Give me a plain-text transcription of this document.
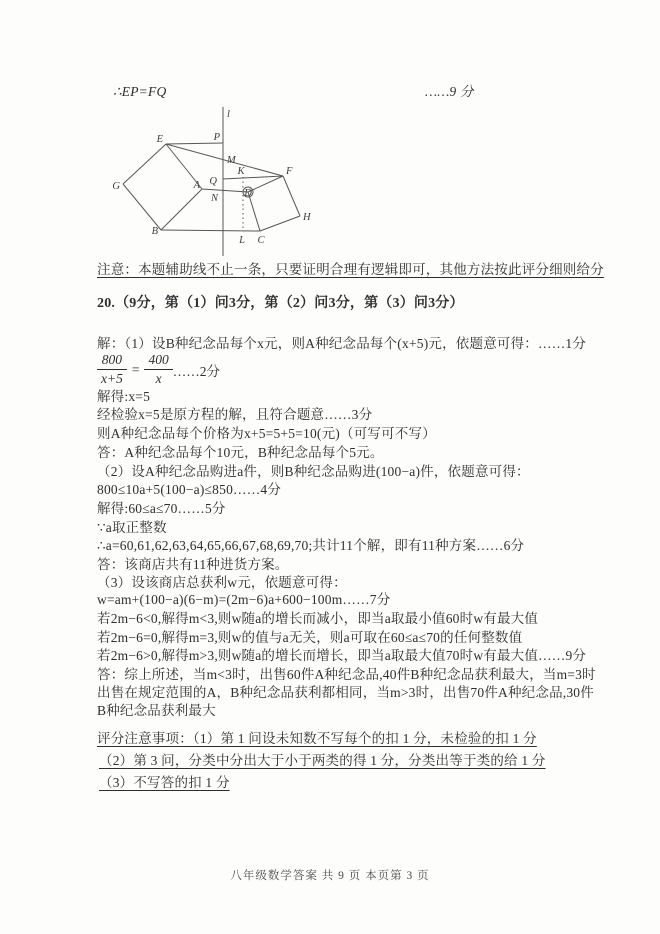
∴EP=FQ	……9 分
l
P
E
M
Q
K	F
A
N D
G
B
L C
H
注意：本题辅助线不止一条，只要证明合理有逻辑即可，其他方法按此评分细则给分
20.（9分，第（1）问3分，第（2）问3分，第（3）问3分）
解：（1）设B种纪念品每个x元，则A种纪念品每个(x+5)元，依题意可得：……1分
$\frac{800}{x+5} = \frac{400}{x}$ ……2分
解得:x=5
经检验x=5是原方程的解，且符合题意……3分
则A种纪念品每个价格为x+5=5+5=10(元)（可写可不写）
答：A种纪念品每个10元，B种纪念品每个5元。
（2）设A种纪念品购进a件，则B种纪念品购进(100−a)件，依题意可得：
800≤10a+5(100−a)≤850……4分
解得:60≤a≤70……5分
∵a取正整数
∴a=60,61,62,63,64,65,66,67,68,69,70;共计11个解，即有11种方案……6分
答：该商店共有11种进货方案。
（3）设该商店总获利w元，依题意可得：
w=am+(100−a)(6−m)=(2m−6)a+600−100m……7分
若2m−6<0,解得m<3,则w随a的增长而减小，即当a取最小值60时w有最大值
若2m−6=0,解得m=3,则w的值与a无关，则a可取在60≤a≤70的任何整数值
若2m−6>0,解得m>3,则w随a的增长而增长，即当a取最大值70时w有最大值……9分
答：综上所述，当m<3时，出售60件A种纪念品,40件B种纪念品获利最大，当m=3时
出售在规定范围的A，B种纪念品获利都相同，当m>3时，出售70件A种纪念品,30件
B种纪念品获利最大
评分注意事项：（1）第 1 问设未知数不写每个的扣 1 分，未检验的扣 1 分
（2）第 3 问，分类中分出大于小于两类的得 1 分，分类出等于类的给 1 分
（3）不写答的扣 1 分
八年级数学答案 共 9 页 本页第 3 页
